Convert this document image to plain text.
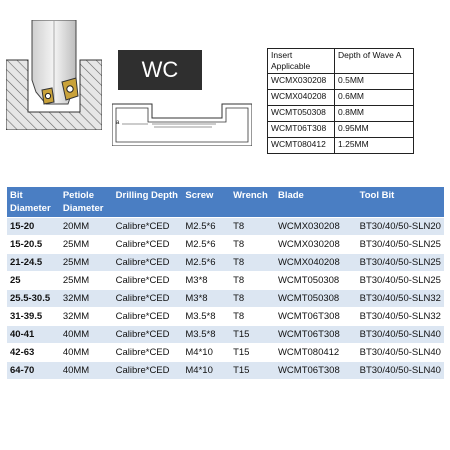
WC
a
Insert Applicable	Depth of Wave A
WCMX030208	0.5MM
WCMX040208	0.6MM
WCMT050308	0.8MM
WCMT06T308	0.95MM
WCMT080412	1.25MM
Bit Diameter	Petiole Diameter	Drilling Depth	Screw	Wrench	Blade	Tool Bit
15-20	20MM	Calibre*CED	M2.5*6	T8	WCMX030208	BT30/40/50-SLN20
15-20.5	25MM	Calibre*CED	M2.5*6	T8	WCMX030208	BT30/40/50-SLN25
21-24.5	25MM	Calibre*CED	M2.5*6	T8	WCMX040208	BT30/40/50-SLN25
25	25MM	Calibre*CED	M3*8	T8	WCMT050308	BT30/40/50-SLN25
25.5-30.5	32MM	Calibre*CED	M3*8	T8	WCMT050308	BT30/40/50-SLN32
31-39.5	32MM	Calibre*CED	M3.5*8	T8	WCMT06T308	BT30/40/50-SLN32
40-41	40MM	Calibre*CED	M3.5*8	T15	WCMT06T308	BT30/40/50-SLN40
42-63	40MM	Calibre*CED	M4*10	T15	WCMT080412	BT30/40/50-SLN40
64-70	40MM	Calibre*CED	M4*10	T15	WCMT06T308	BT30/40/50-SLN40
